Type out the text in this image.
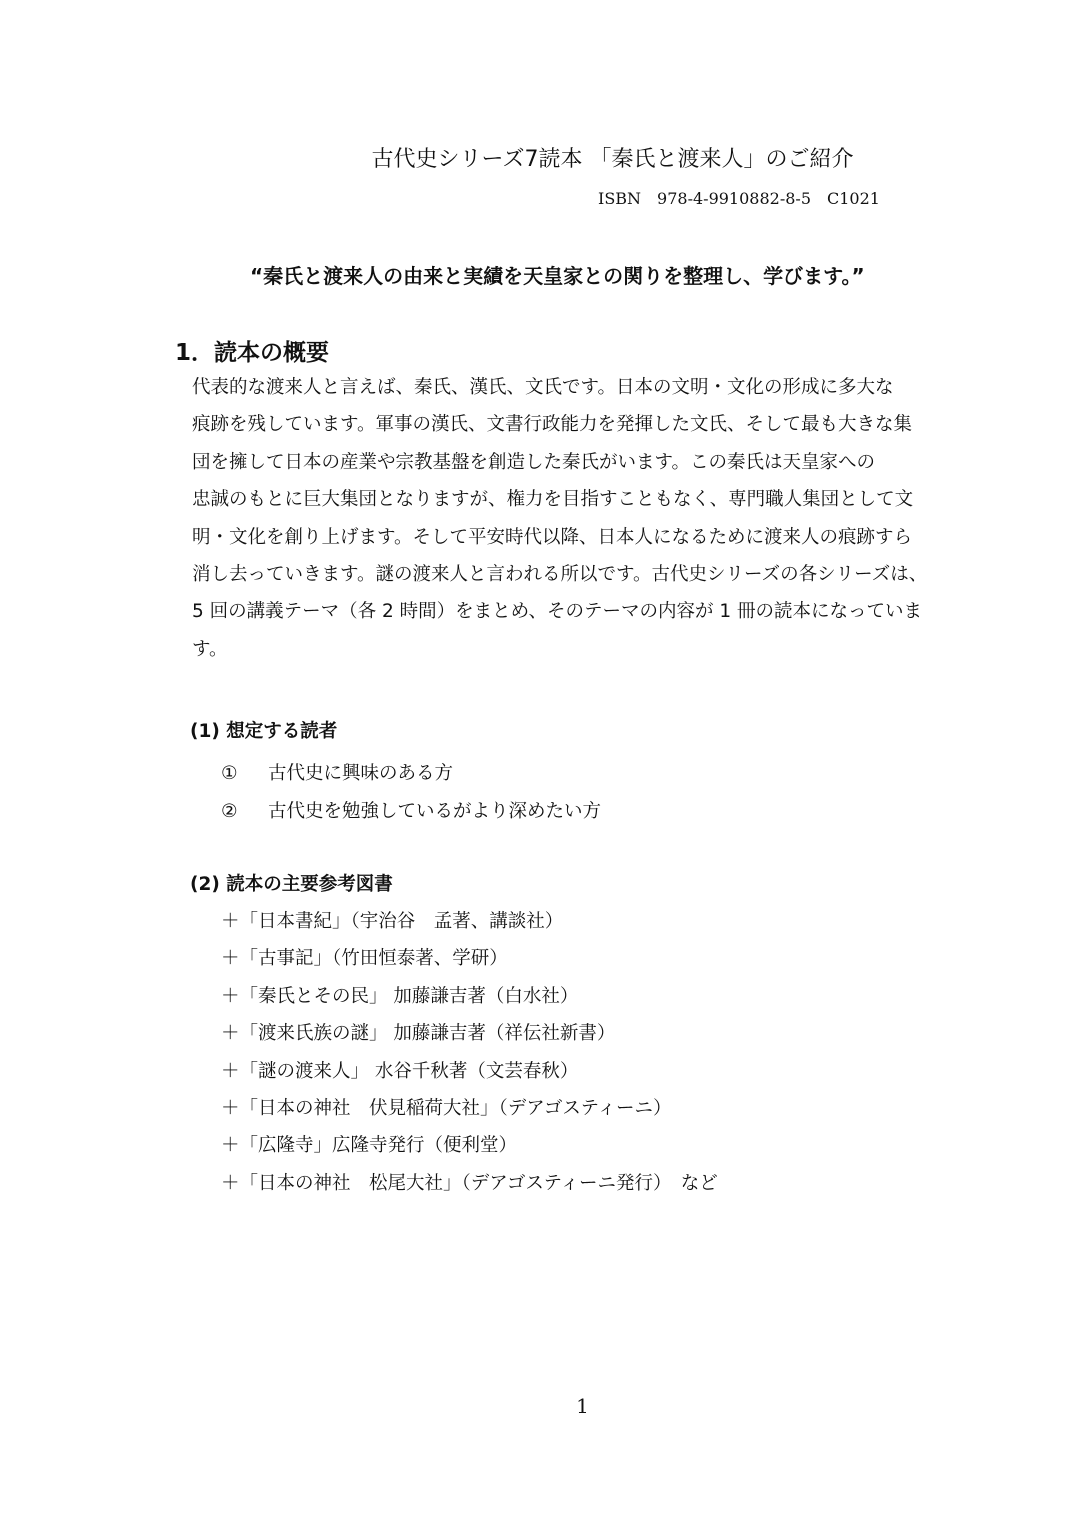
古代史シリーズ7読本 「秦氏と渡来人」のご紹介
ISBN　978-4-9910882-8-5　C1021
“秦氏と渡来人の由来と実績を天皇家との関りを整理し、学びます。”
1．読本の概要
代表的な渡来人と言えば、秦氏、漢氏、文氏です。日本の文明・文化の形成に多大な
痕跡を残しています。軍事の漢氏、文書行政能力を発揮した文氏、そして最も大きな集
団を擁して日本の産業や宗教基盤を創造した秦氏がいます。この秦氏は天皇家への
忠誠のもとに巨大集団となりますが、権力を目指すこともなく、専門職人集団として文
明・文化を創り上げます。そして平安時代以降、日本人になるために渡来人の痕跡すら
消し去っていきます。謎の渡来人と言われる所以です。古代史シリーズの各シリーズは、
5 回の講義テーマ（各 2 時間）をまとめ、そのテーマの内容が 1 冊の読本になっていま
す。
(1) 想定する読者
① 古代史に興味のある方
② 古代史を勉強しているがより深めたい方
(2) 読本の主要参考図書
＋「日本書紀」（宇治谷　孟著、講談社）
＋「古事記」（竹田恒泰著、学研）
＋「秦氏とその民」 加藤謙吉著（白水社）
＋「渡来氏族の謎」 加藤謙吉著（祥伝社新書）
＋「謎の渡来人」 水谷千秋著（文芸春秋）
＋「日本の神社　伏見稲荷大社」（デアゴスティーニ）
＋「広隆寺」広隆寺発行（便利堂）
＋「日本の神社　松尾大社」（デアゴスティーニ発行）　など
1
